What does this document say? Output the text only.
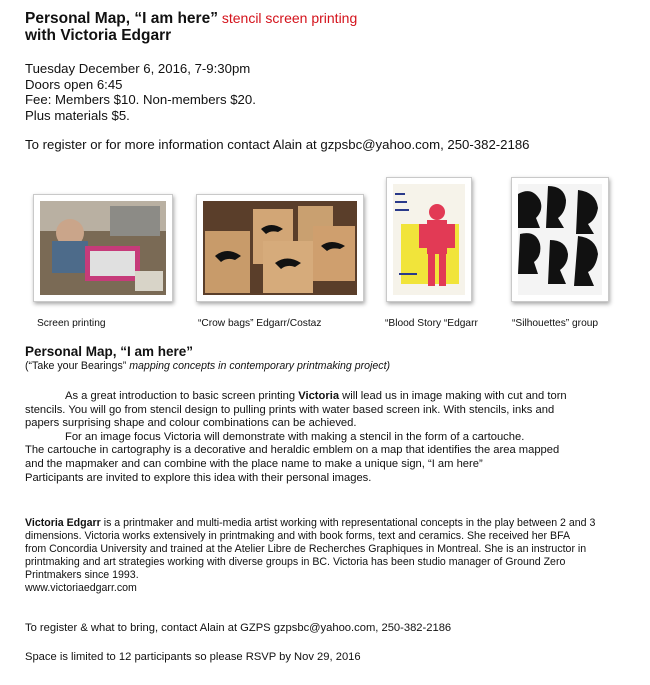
Personal Map, “I am here” stencil screen printing
with Victoria Edgarr
Tuesday December 6, 2016, 7-9:30pm
Doors open 6:45
Fee: Members $10. Non-members $20.
Plus materials $5.
To register or for more information contact Alain at gzpsbc@yahoo.com, 250-382-2186
Screen printing	“Crow bags” Edgarr/Costaz	“Blood Story “Edgarr	“Silhouettes” group
Personal Map, “I am here”
(“Take your Bearings” mapping concepts in contemporary printmaking project)
As a great introduction to basic screen printing Victoria will lead us in image making with cut and torn
stencils. You will go from stencil design to pulling prints with water based screen ink. With stencils, inks and
papers surprising shape and colour combinations can be achieved.
For an image focus Victoria will demonstrate with making a stencil in the form of a cartouche.
The cartouche in cartography is a decorative and heraldic emblem on a map that identifies the area mapped
and the mapmaker and can combine with the place name to make a unique sign, “I am here”
Participants are invited to explore this idea with their personal images.
Victoria Edgarr is a printmaker and multi-media artist working with representational concepts in the play between 2 and 3
dimensions. Victoria works extensively in printmaking and with book forms, text and ceramics. She received her BFA
from Concordia University and trained at the Atelier Libre de Recherches Graphiques in Montreal. She is an instructor in
printmaking and art strategies working with diverse groups in BC. Victoria has been studio manager of Ground Zero
Printmakers since 1993.
www.victoriaedgarr.com
To register & what to bring, contact Alain at GZPS gzpsbc@yahoo.com, 250-382-2186
Space is limited to 12 participants so please RSVP by Nov 29, 2016
